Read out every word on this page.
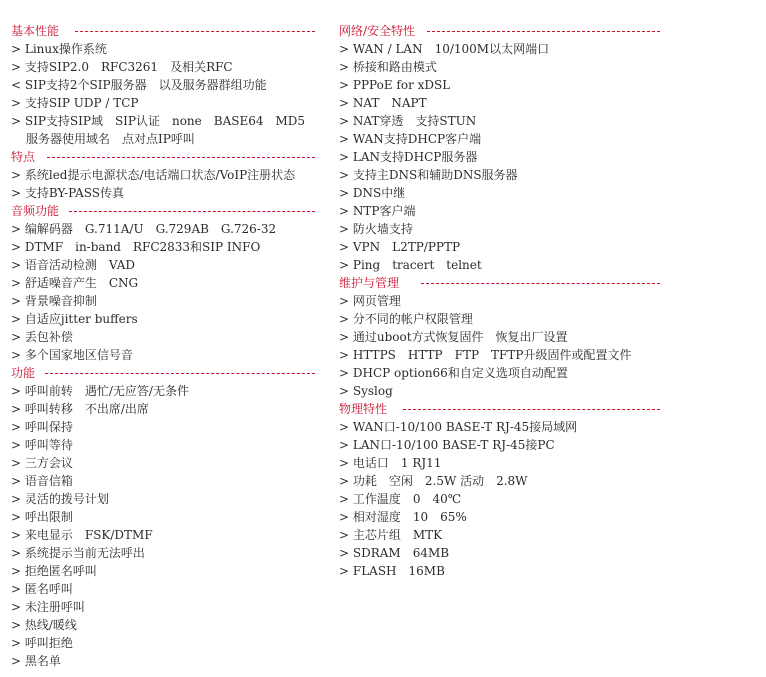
基本性能
> Linux操作系统
> 支持SIP2.0　RFC3261　及相关RFC
< SIP支持2个SIP服务器　以及服务器群组功能
> 支持SIP UDP / TCP
> SIP支持SIP域　SIP认证　none　BASE64　MD5
服务器使用域名　点对点IP呼叫
特点
> 系统led提示电源状态/电话端口状态/VoIP注册状态
> 支持BY-PASS传真
音频功能
> 编解码器　G.711A/U　G.729AB　G.726-32
> DTMF　in-band　RFC2833和SIP INFO
> 语音活动检测　VAD
> 舒适噪音产生　CNG
> 背景噪音抑制
> 自适应jitter buffers
> 丢包补偿
> 多个国家地区信号音
功能
> 呼叫前转　遇忙/无应答/无条件
> 呼叫转移　不出席/出席
> 呼叫保持
> 呼叫等待
> 三方会议
> 语音信箱
> 灵活的拨号计划
> 呼出限制
> 来电显示　FSK/DTMF
> 系统提示当前无法呼出
> 拒绝匿名呼叫
> 匿名呼叫
> 未注册呼叫
> 热线/暖线
> 呼叫拒绝
> 黑名单
网络/安全特性
> WAN / LAN　10/100M以太网端口
> 桥接和路由模式
> PPPoE for xDSL
> NAT　NAPT
> NAT穿透　支持STUN
> WAN支持DHCP客户端
> LAN支持DHCP服务器
> 支持主DNS和辅助DNS服务器
> DNS中继
> NTP客户端
> 防火墙支持
> VPN　L2TP/PPTP
> Ping　tracert　telnet
维护与管理
> 网页管理
> 分不同的帐户权限管理
> 通过uboot方式恢复固件　恢复出厂设置
> HTTPS　HTTP　FTP　TFTP升级固件或配置文件
> DHCP option66和自定义选项自动配置
> Syslog
物理特性
> WAN口-10/100 BASE-T RJ-45接局域网
> LAN口-10/100 BASE-T RJ-45接PC
> 电话口　1 RJ11
> 功耗　空闲　2.5W 活动　2.8W
> 工作温度　0　40℃
> 相对湿度　10　65%
> 主芯片组　MTK
> SDRAM　64MB
> FLASH　16MB
